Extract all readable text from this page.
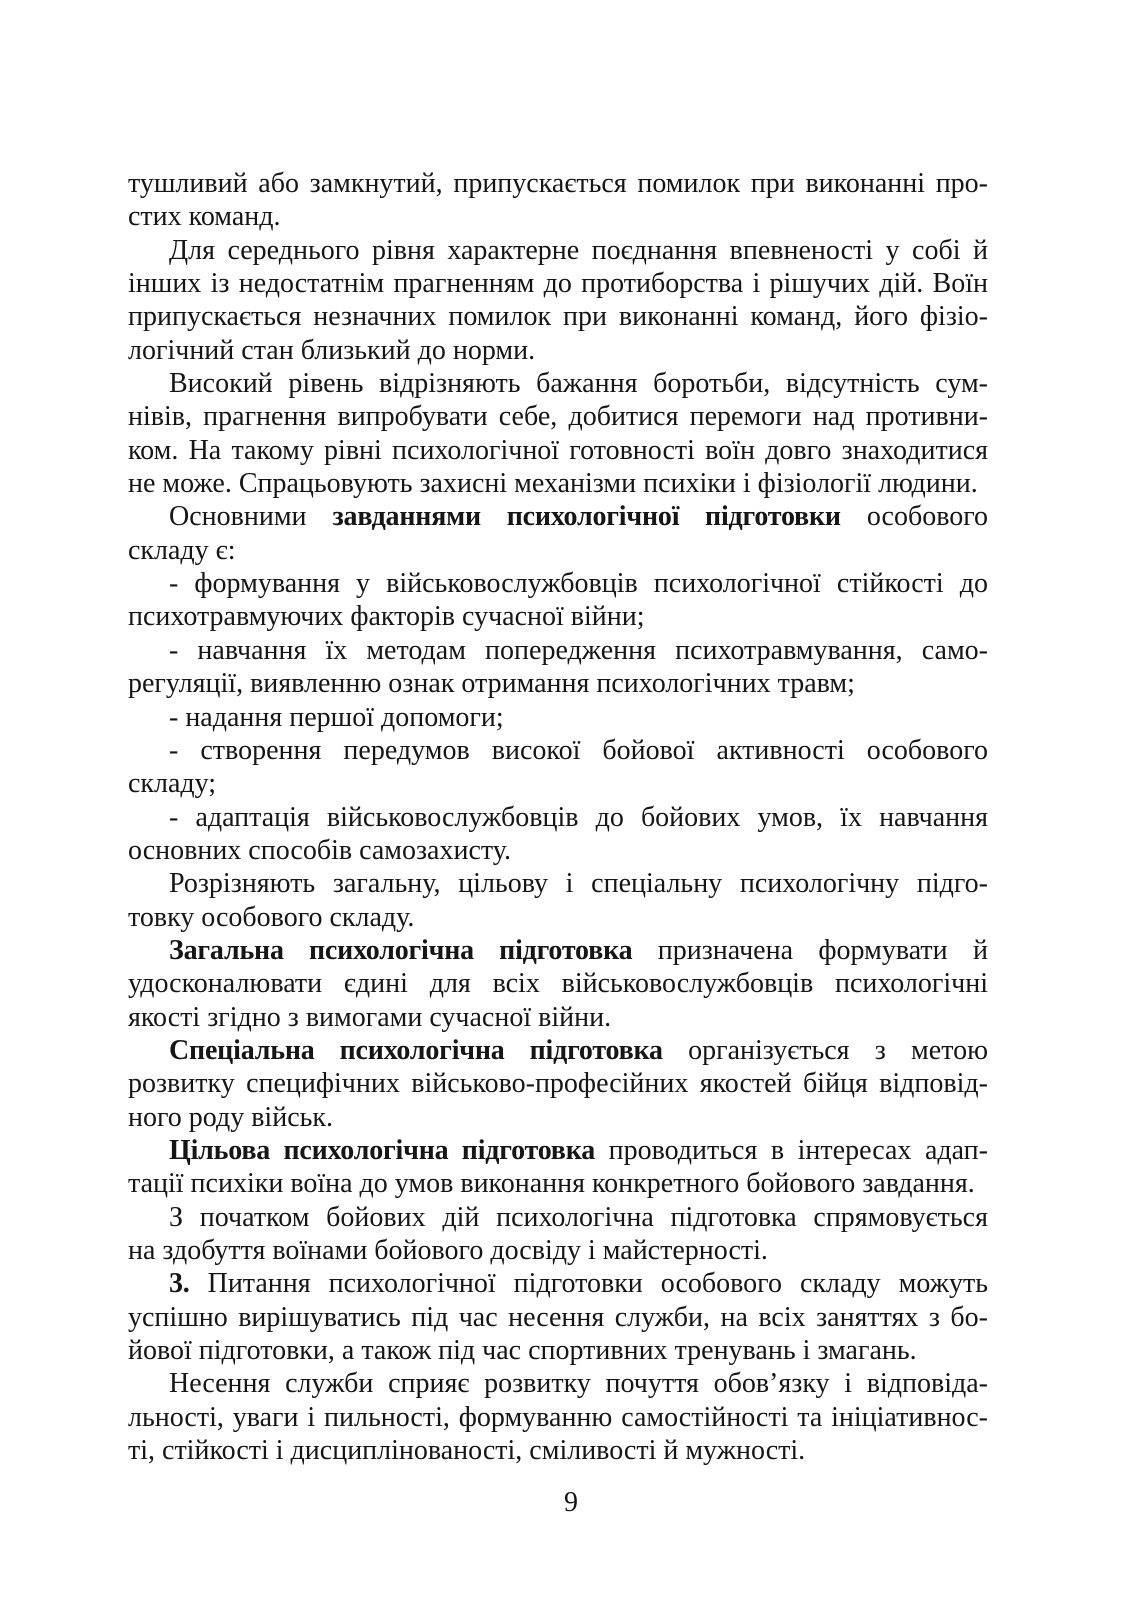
тушливий або замкнутий, припускається помилок при виконанні про-
стих команд.
Для середнього рівня характерне поєднання впевненості у собі й
інших із недостатнім прагненням до протиборства і рішучих дій. Воїн
припускається незначних помилок при виконанні команд, його фізіо-
логічний стан близький до норми.
Високий рівень відрізняють бажання боротьби, відсутність сум-
нівів, прагнення випробувати себе, добитися перемоги над противни-
ком. На такому рівні психологічної готовності воїн довго знаходитися
не може. Спрацьовують захисні механізми психіки і фізіології людини.
Основними завданнями психологічної підготовки особового
складу є:
- формування у військовослужбовців психологічної стійкості до
психотравмуючих факторів сучасної війни;
- навчання їх методам попередження психотравмування, само-
регуляції, виявленню ознак отримання психологічних травм;
- надання першої допомоги;
- створення передумов високої бойової активності особового
складу;
- адаптація військовослужбовців до бойових умов, їх навчання
основних способів самозахисту.
Розрізняють загальну, цільову і спеціальну психологічну підго-
товку особового складу.
Загальна психологічна підготовка призначена формувати й
удосконалювати єдині для всіх військовослужбовців психологічні
якості згідно з вимогами сучасної війни.
Спеціальна психологічна підготовка організується з метою
розвитку специфічних військово-професійних якостей бійця відповід-
ного роду військ.
Цільова психологічна підготовка проводиться в інтересах адап-
тації психіки воїна до умов виконання конкретного бойового завдання.
З початком бойових дій психологічна підготовка спрямовується
на здобуття воїнами бойового досвіду і майстерності.
3. Питання психологічної підготовки особового складу можуть
успішно вирішуватись під час несення служби, на всіх заняттях з бо-
йової підготовки, а також під час спортивних тренувань і змагань.
Несення служби сприяє розвитку почуття обов’язку і відповіда-
льності, уваги і пильності, формуванню самостійності та ініціативнос-
ті, стійкості і дисциплінованості, сміливості й мужності.
9
